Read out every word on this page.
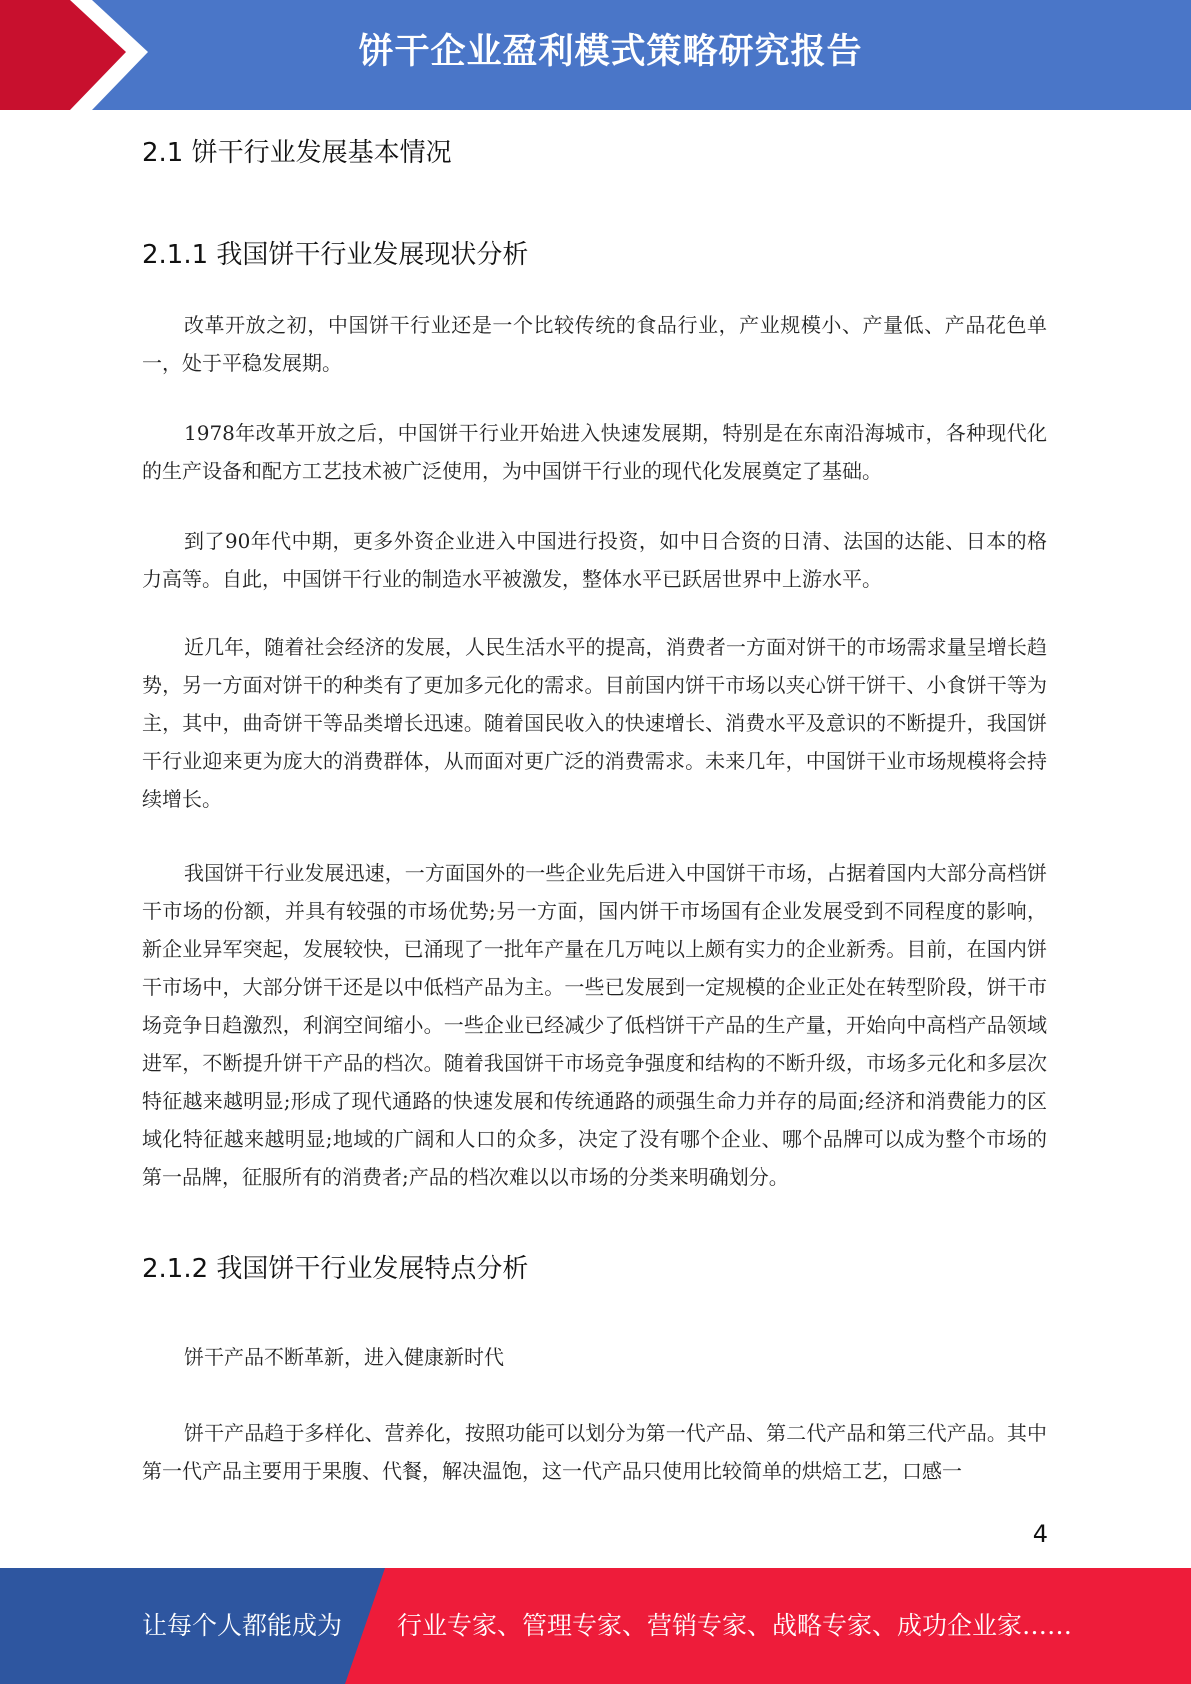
饼干企业盈利模式策略研究报告
2.1 饼干行业发展基本情况
2.1.1 我国饼干行业发展现状分析

改革开放之初，中国饼干行业还是一个比较传统的食品行业，产业规模小、产量低、产品花色单一，处于平稳发展期。

1978年改革开放之后，中国饼干行业开始进入快速发展期，特别是在东南沿海城市，各种现代化的生产设备和配方工艺技术被广泛使用，为中国饼干行业的现代化发展奠定了基础。

到了90年代中期，更多外资企业进入中国进行投资，如中日合资的日清、法国的达能、日本的格力高等。自此，中国饼干行业的制造水平被激发，整体水平已跃居世界中上游水平。

近几年，随着社会经济的发展，人民生活水平的提高，消费者一方面对饼干的市场需求量呈增长趋势，另一方面对饼干的种类有了更加多元化的需求。目前国内饼干市场以夹心饼干饼干、小食饼干等为主，其中，曲奇饼干等品类增长迅速。随着国民收入的快速增长、消费水平及意识的不断提升，我国饼干行业迎来更为庞大的消费群体，从而面对更广泛的消费需求。未来几年，中国饼干业市场规模将会持续增长。

我国饼干行业发展迅速，一方面国外的一些企业先后进入中国饼干市场，占据着国内大部分高档饼干市场的份额，并具有较强的市场优势;另一方面，国内饼干市场国有企业发展受到不同程度的影响，新企业异军突起，发展较快，已涌现了一批年产量在几万吨以上颇有实力的企业新秀。目前，在国内饼干市场中，大部分饼干还是以中低档产品为主。一些已发展到一定规模的企业正处在转型阶段，饼干市场竞争日趋激烈，利润空间缩小。一些企业已经减少了低档饼干产品的生产量，开始向中高档产品领域进军，不断提升饼干产品的档次。随着我国饼干市场竞争强度和结构的不断升级，市场多元化和多层次特征越来越明显;形成了现代通路的快速发展和传统通路的顽强生命力并存的局面;经济和消费能力的区域化特征越来越明显;地域的广阔和人口的众多，决定了没有哪个企业、哪个品牌可以成为整个市场的第一品牌，征服所有的消费者;产品的档次难以以市场的分类来明确划分。

2.1.2 我国饼干行业发展特点分析

饼干产品不断革新，进入健康新时代

饼干产品趋于多样化、营养化，按照功能可以划分为第一代产品、第二代产品和第三代产品。其中第一代产品主要用于果腹、代餐，解决温饱，这一代产品只使用比较简单的烘焙工艺，口感一

4
让每个人都能成为 行业专家、管理专家、营销专家、战略专家、成功企业家……
